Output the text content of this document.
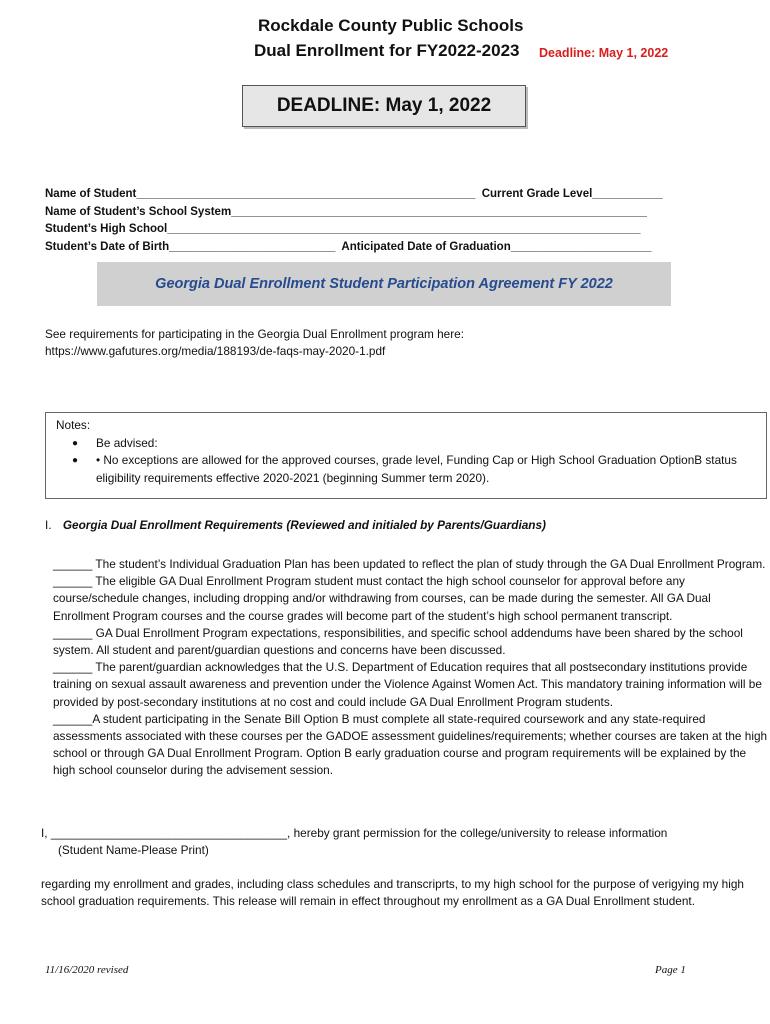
Rockdale County Public Schools
Dual Enrollment for FY2022-2023 Deadline: May 1, 2022
DEADLINE: May 1, 2022
Name of Student_____________________________________________________  Current Grade Level___________
Name of Student’s School System_________________________________________________________________
Student’s High School__________________________________________________________________________
Student’s Date of Birth__________________________  Anticipated Date of Graduation______________________
Georgia Dual Enrollment Student Participation Agreement FY 2022
See requirements for participating in the Georgia Dual Enrollment program here:
https://www.gafutures.org/media/188193/de-faqs-may-2020-1.pdf
Notes:
● Be advised:
● • No exceptions are allowed for the approved courses, grade level, Funding Cap or High School Graduation OptionB status eligibility requirements effective 2020-2021 (beginning Summer term 2020).
I. Georgia Dual Enrollment Requirements (Reviewed and initialed by Parents/Guardians)

______ The student’s Individual Graduation Plan has been updated to reflect the plan of study through the GA Dual Enrollment Program.

______ The eligible GA Dual Enrollment Program student must contact the high school counselor for approval before any course/schedule changes, including dropping and/or withdrawing from courses, can be made during the semester. All GA Dual Enrollment Program courses and the course grades will become part of the student’s high school permanent transcript.

______ GA Dual Enrollment Program expectations, responsibilities, and specific school addendums have been shared by the school system. All student and parent/guardian questions and concerns have been discussed.

______ The parent/guardian acknowledges that the U.S. Department of Education requires that all postsecondary institutions provide training on sexual assault awareness and prevention under the Violence Against Women Act. This mandatory training information will be provided by post-secondary institutions at no cost and could include GA Dual Enrollment Program students.

______A student participating in the Senate Bill Option B must complete all state-required coursework and any state-required assessments associated with these courses per the GADOE assessment guidelines/requirements; whether courses are taken at the high school or through GA Dual Enrollment Program. Option B early graduation course and program requirements will be explained by the high school counselor during the advisement session.

I, ____________________________________, hereby grant permission for the college/university to release information
(Student Name-Please Print)
regarding my enrollment and grades, including class schedules and transcriprts, to my high school for the purpose of verigying my high school graduation requirements. This release will remain in effect throughout my enrollment as a GA Dual Enrollment student.
11/16/2020 revised	Page 1
